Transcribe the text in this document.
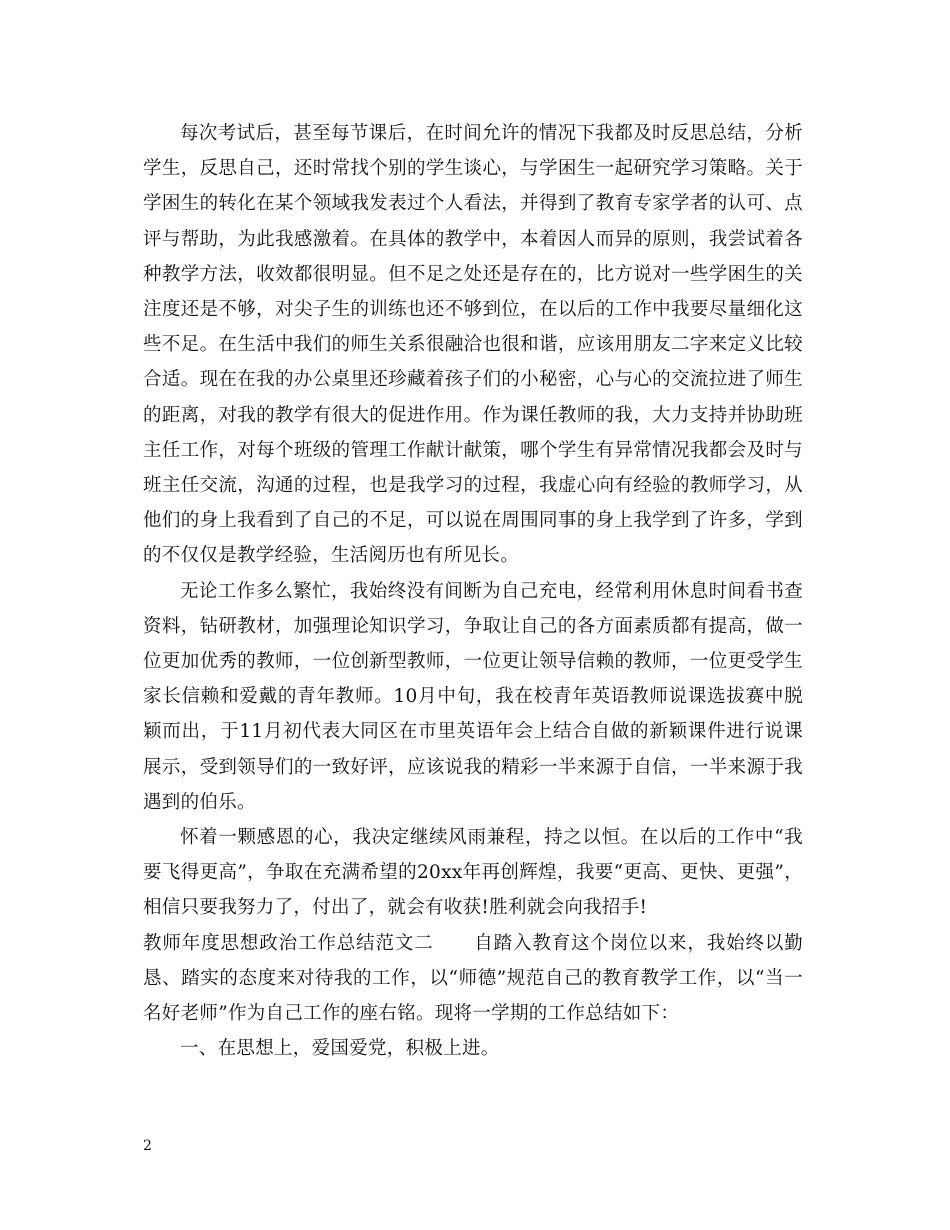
每次考试后，甚至每节课后，在时间允许的情况下我都及时反思总结，分析学生，反思自己，还时常找个别的学生谈心，与学困生一起研究学习策略。关于学困生的转化在某个领域我发表过个人看法，并得到了教育专家学者的认可、点评与帮助，为此我感激着。在具体的教学中，本着因人而异的原则，我尝试着各种教学方法，收效都很明显。但不足之处还是存在的，比方说对一些学困生的关注度还是不够，对尖子生的训练也还不够到位，在以后的工作中我要尽量细化这些不足。在生活中我们的师生关系很融洽也很和谐，应该用朋友二字来定义比较合适。现在在我的办公桌里还珍藏着孩子们的小秘密，心与心的交流拉进了师生的距离，对我的教学有很大的促进作用。作为课任教师的我，大力支持并协助班主任工作，对每个班级的管理工作献计献策，哪个学生有异常情况我都会及时与班主任交流，沟通的过程，也是我学习的过程，我虚心向有经验的教师学习，从他们的身上我看到了自己的不足，可以说在周围同事的身上我学到了许多，学到的不仅仅是教学经验，生活阅历也有所见长。

无论工作多么繁忙，我始终没有间断为自己充电，经常利用休息时间看书查资料，钻研教材，加强理论知识学习，争取让自己的各方面素质都有提高，做一位更加优秀的教师，一位创新型教师，一位更让领导信赖的教师，一位更受学生家长信赖和爱戴的青年教师。10月中旬，我在校青年英语教师说课选拔赛中脱颖而出，于11月初代表大同区在市里英语年会上结合自做的新颖课件进行说课展示，受到领导们的一致好评，应该说我的精彩一半来源于自信，一半来源于我遇到的伯乐。

怀着一颗感恩的心，我决定继续风雨兼程，持之以恒。在以后的工作中“我要飞得更高”，争取在充满希望的20xx年再创辉煌，我要“更高、更快、更强”，相信只要我努力了，付出了，就会有收获!胜利就会向我招手!

教师年度思想政治工作总结范文二 自踏入教育这个岗位以来，我始终以勤恳、踏实的态度来对待我的工作，以“师德”规范自己的教育教学工作，以“当一名好老师”作为自己工作的座右铭。现将一学期的工作总结如下：

一、在思想上，爱国爱党，积极上进。

2
